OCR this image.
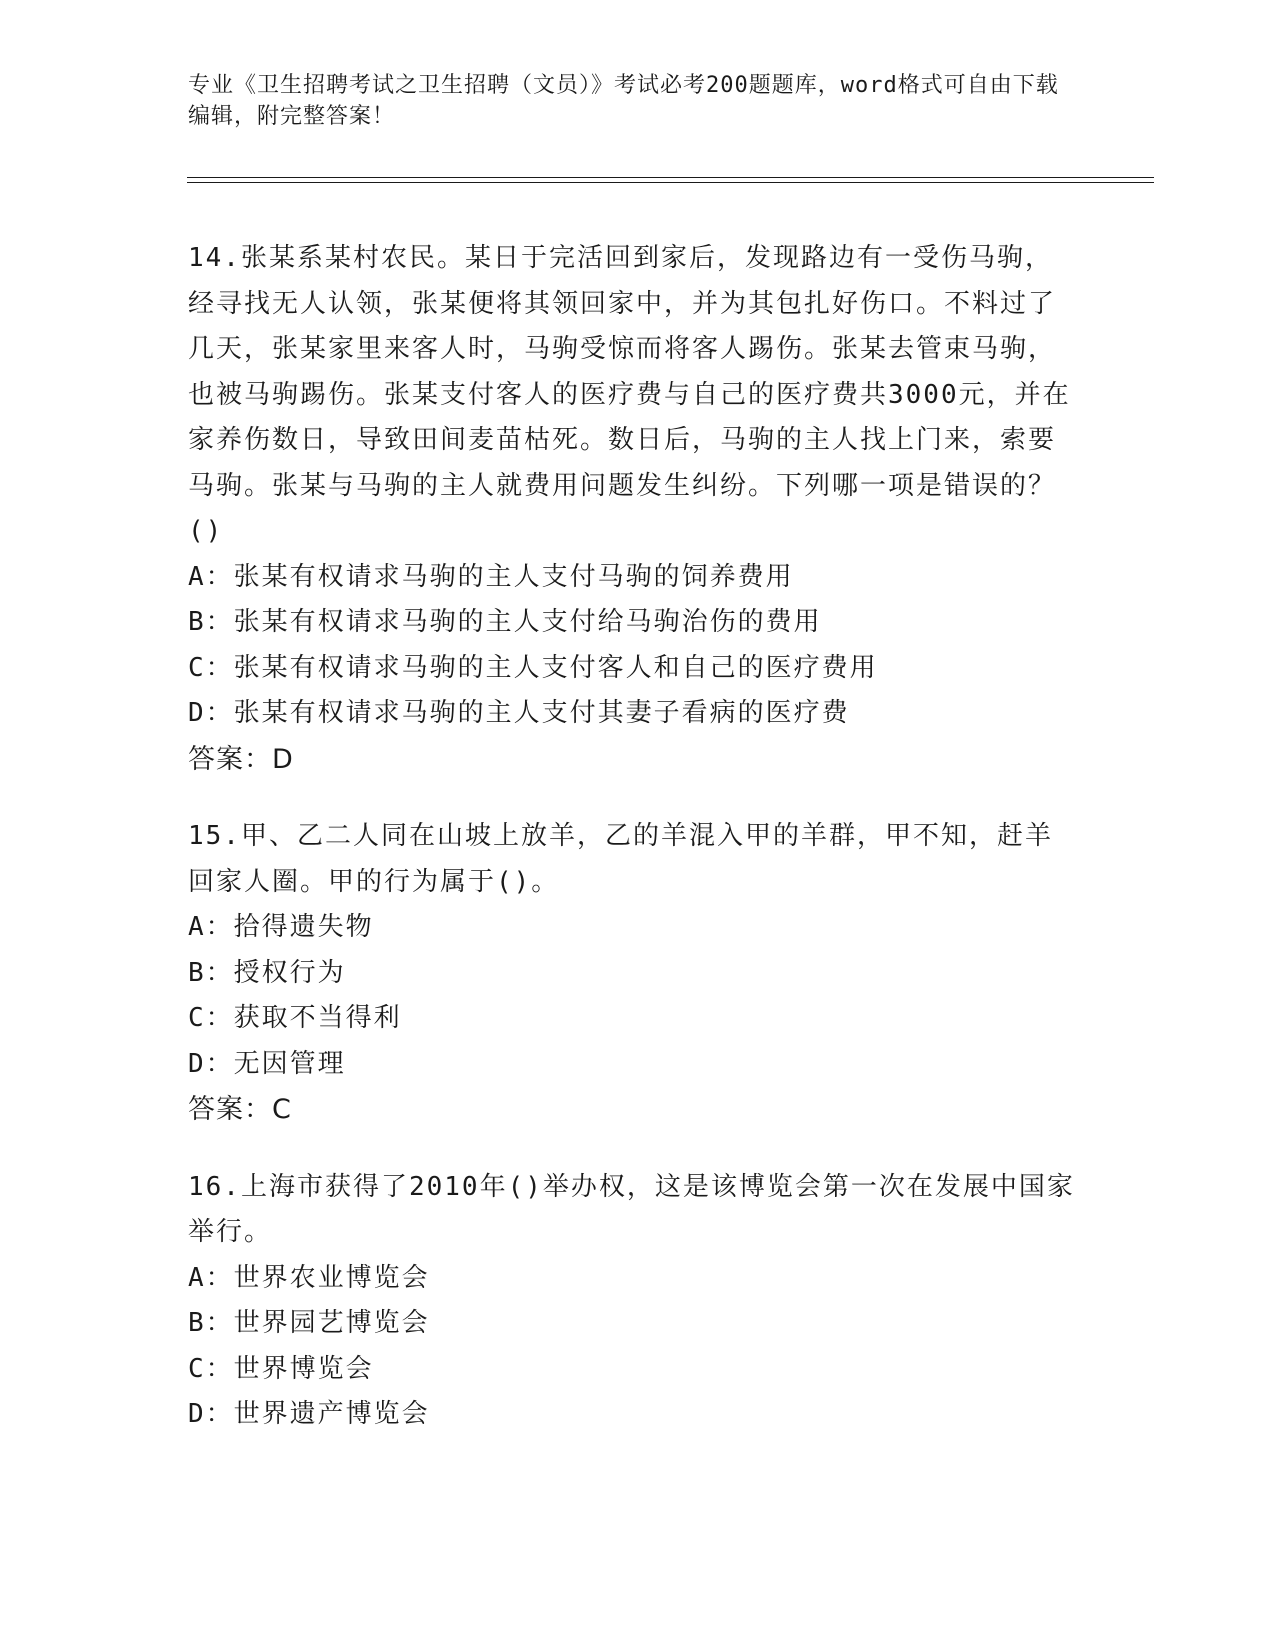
专业《卫生招聘考试之卫生招聘（文员）》考试必考200题题库，word格式可自由下载编辑，附完整答案！
14.张某系某村农民。某日于完活回到家后，发现路边有一受伤马驹，经寻找无人认领，张某便将其领回家中，并为其包扎好伤口。不料过了几天，张某家里来客人时，马驹受惊而将客人踢伤。张某去管束马驹，也被马驹踢伤。张某支付客人的医疗费与自己的医疗费共3000元，并在家养伤数日，导致田间麦苗枯死。数日后，马驹的主人找上门来，索要马驹。张某与马驹的主人就费用问题发生纠纷。下列哪一项是错误的？()
A：张某有权请求马驹的主人支付马驹的饲养费用
B：张某有权请求马驹的主人支付给马驹治伤的费用
C：张某有权请求马驹的主人支付客人和自己的医疗费用
D：张某有权请求马驹的主人支付其妻子看病的医疗费
答案：D
15.甲、乙二人同在山坡上放羊，乙的羊混入甲的羊群，甲不知，赶羊回家人圈。甲的行为属于()。
A：拾得遗失物
B：授权行为
C：获取不当得利
D：无因管理
答案：C
16.上海市获得了2010年()举办权，这是该博览会第一次在发展中国家举行。
A：世界农业博览会
B：世界园艺博览会
C：世界博览会
D：世界遗产博览会
